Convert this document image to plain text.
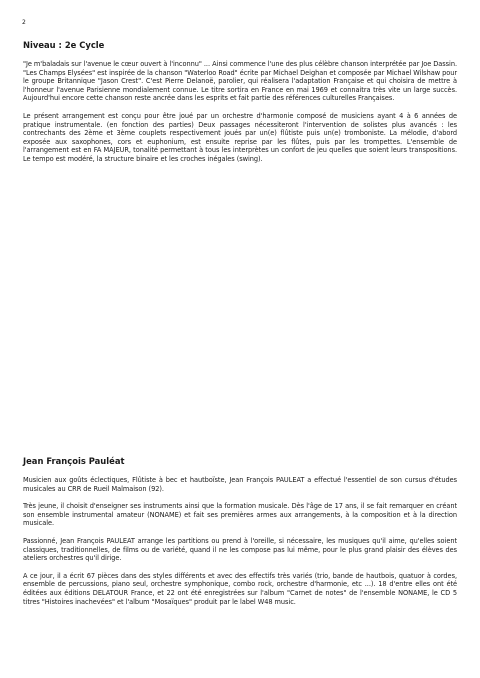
2
Niveau : 2e Cycle

"Je m'baladais sur l'avenue le cœur ouvert à l'inconnu" ... Ainsi commence l'une des plus célèbre chanson interprétée par Joe Dassin. "Les Champs Elysées" est inspirée de la chanson "Waterloo Road" écrite par Michael Deighan et composée par Michael Wilshaw pour le groupe Britannique "Jason Crest". C'est Pierre Delanoë, parolier, qui réalisera l'adaptation Française et qui choisira de mettre à l'honneur l'avenue Parisienne mondialement connue. Le titre sortira en France en mai 1969 et connaitra très vite un large succès. Aujourd'hui encore cette chanson reste ancrée dans les esprits et fait partie des références culturelles Françaises.

Le présent arrangement est conçu pour être joué par un orchestre d'harmonie composé de musiciens ayant 4 à 6 années de pratique instrumentale. (en fonction des parties) Deux passages nécessiteront l'intervention de solistes plus avancés : les contrechants des 2ème et 3ème couplets respectivement joués par un(e) flûtiste puis un(e) tromboniste. La mélodie, d'abord exposée aux saxophones, cors et euphonium, est ensuite reprise par les flûtes, puis par les trompettes. L'ensemble de l'arrangement est en FA MAJEUR, tonalité permettant à tous les interprètes un confort de jeu quelles que soient leurs transpositions. Le tempo est modéré, la structure binaire et les croches inégales (swing).

Jean François Pauléat

Musicien aux goûts éclectiques, Flûtiste à bec et hautboïste, Jean François PAULEAT a effectué l'essentiel de son cursus d'études musicales au CRR de Rueil Malmaison (92).

Très jeune, il choisit d'enseigner ses instruments ainsi que la formation musicale. Dès l'âge de 17 ans, il se fait remarquer en créant son ensemble instrumental amateur (NONAME) et fait ses premières armes aux arrangements, à la composition et à la direction musicale.

Passionné, Jean François PAULEAT arrange les partitions ou prend à l'oreille, si nécessaire, les musiques qu'il aime, qu'elles soient classiques, traditionnelles, de films ou de variété, quand il ne les compose pas lui même, pour le plus grand plaisir des élèves des ateliers orchestres qu'il dirige.

A ce jour, il a écrit 67 pièces dans des styles différents et avec des effectifs très variés (trio, bande de hautbois, quatuor à cordes, ensemble de percussions, piano seul, orchestre symphonique, combo rock, orchestre d'harmonie, etc ...). 18 d'entre elles ont été éditées aux éditions DELATOUR France, et 22 ont été enregistrées sur l'album "Carnet de notes" de l'ensemble NONAME, le CD 5 titres "Histoires inachevées" et l'album "Mosaïques" produit par le label W48 music.
